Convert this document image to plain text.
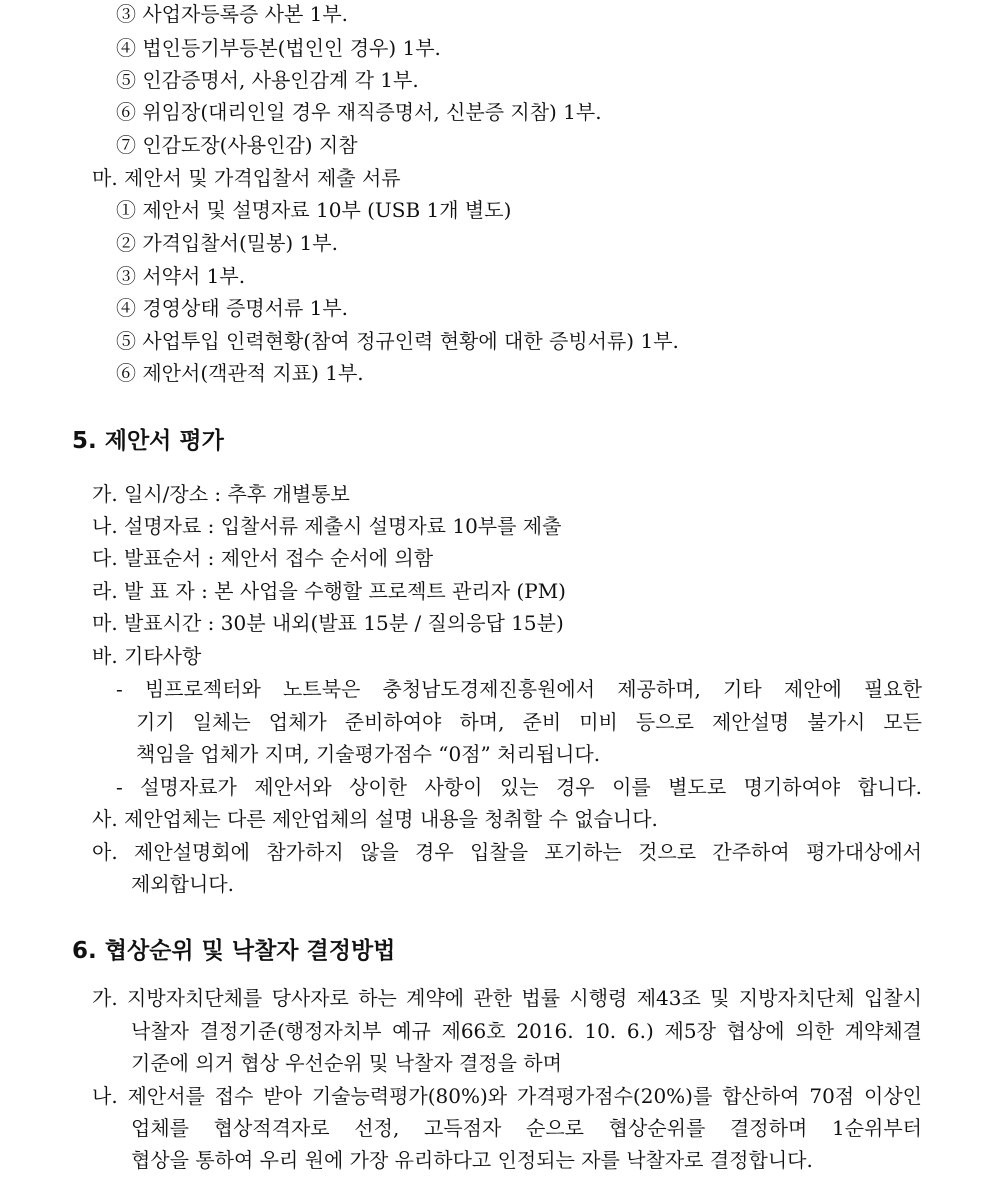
③ 사업자등록증 사본 1부.
④ 법인등기부등본(법인인 경우) 1부.
⑤ 인감증명서, 사용인감계 각 1부.
⑥ 위임장(대리인일 경우 재직증명서, 신분증 지참) 1부.
⑦ 인감도장(사용인감) 지참
마. 제안서 및 가격입찰서 제출 서류
① 제안서 및 설명자료 10부 (USB 1개 별도)
② 가격입찰서(밀봉) 1부.
③ 서약서 1부.
④ 경영상태 증명서류 1부.
⑤ 사업투입 인력현황(참여 정규인력 현황에 대한 증빙서류) 1부.
⑥ 제안서(객관적 지표) 1부.
5. 제안서 평가
가. 일시/장소 : 추후 개별통보
나. 설명자료 : 입찰서류 제출시 설명자료 10부를 제출
다. 발표순서 : 제안서 접수 순서에 의함
라. 발 표 자 : 본 사업을 수행할 프로젝트 관리자 (PM)
마. 발표시간 : 30분 내외(발표 15분 / 질의응답 15분)
바. 기타사항
- 빔프로젝터와 노트북은 충청남도경제진흥원에서 제공하며, 기타 제안에 필요한
기기 일체는 업체가 준비하여야 하며, 준비 미비 등으로 제안설명 불가시 모든
책임을 업체가 지며, 기술평가점수 “0점” 처리됩니다.
- 설명자료가 제안서와 상이한 사항이 있는 경우 이를 별도로 명기하여야 합니다.
사. 제안업체는 다른 제안업체의 설명 내용을 청취할 수 없습니다.
아. 제안설명회에 참가하지 않을 경우 입찰을 포기하는 것으로 간주하여 평가대상에서
제외합니다.
6. 협상순위 및 낙찰자 결정방법
가. 지방자치단체를 당사자로 하는 계약에 관한 법률 시행령 제43조 및 지방자치단체 입찰시
낙찰자 결정기준(행정자치부 예규 제66호 2016. 10. 6.) 제5장 협상에 의한 계약체결
기준에 의거 협상 우선순위 및 낙찰자 결정을 하며
나. 제안서를 접수 받아 기술능력평가(80%)와 가격평가점수(20%)를 합산하여 70점 이상인
업체를 협상적격자로 선정, 고득점자 순으로 협상순위를 결정하며 1순위부터
협상을 통하여 우리 원에 가장 유리하다고 인정되는 자를 낙찰자로 결정합니다.
